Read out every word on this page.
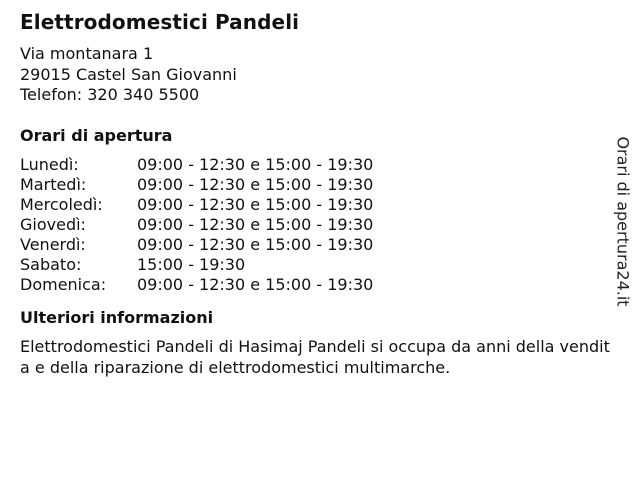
Elettrodomestici Pandeli
Via montanara 1
29015 Castel San Giovanni
Telefon: 320 340 5500
Orari di apertura
Lunedì:	09:00 - 12:30 e 15:00 - 19:30
Martedì:	09:00 - 12:30 e 15:00 - 19:30
Mercoledì:	09:00 - 12:30 e 15:00 - 19:30
Giovedì:	09:00 - 12:30 e 15:00 - 19:30
Venerdì:	09:00 - 12:30 e 15:00 - 19:30
Sabato:	15:00 - 19:30
Domenica:	09:00 - 12:30 e 15:00 - 19:30
Ulteriori informazioni
Elettrodomestici Pandeli di Hasimaj Pandeli si occupa da anni della vendita e della riparazione di elettrodomestici multimarche.
Orari di apertura24.it
